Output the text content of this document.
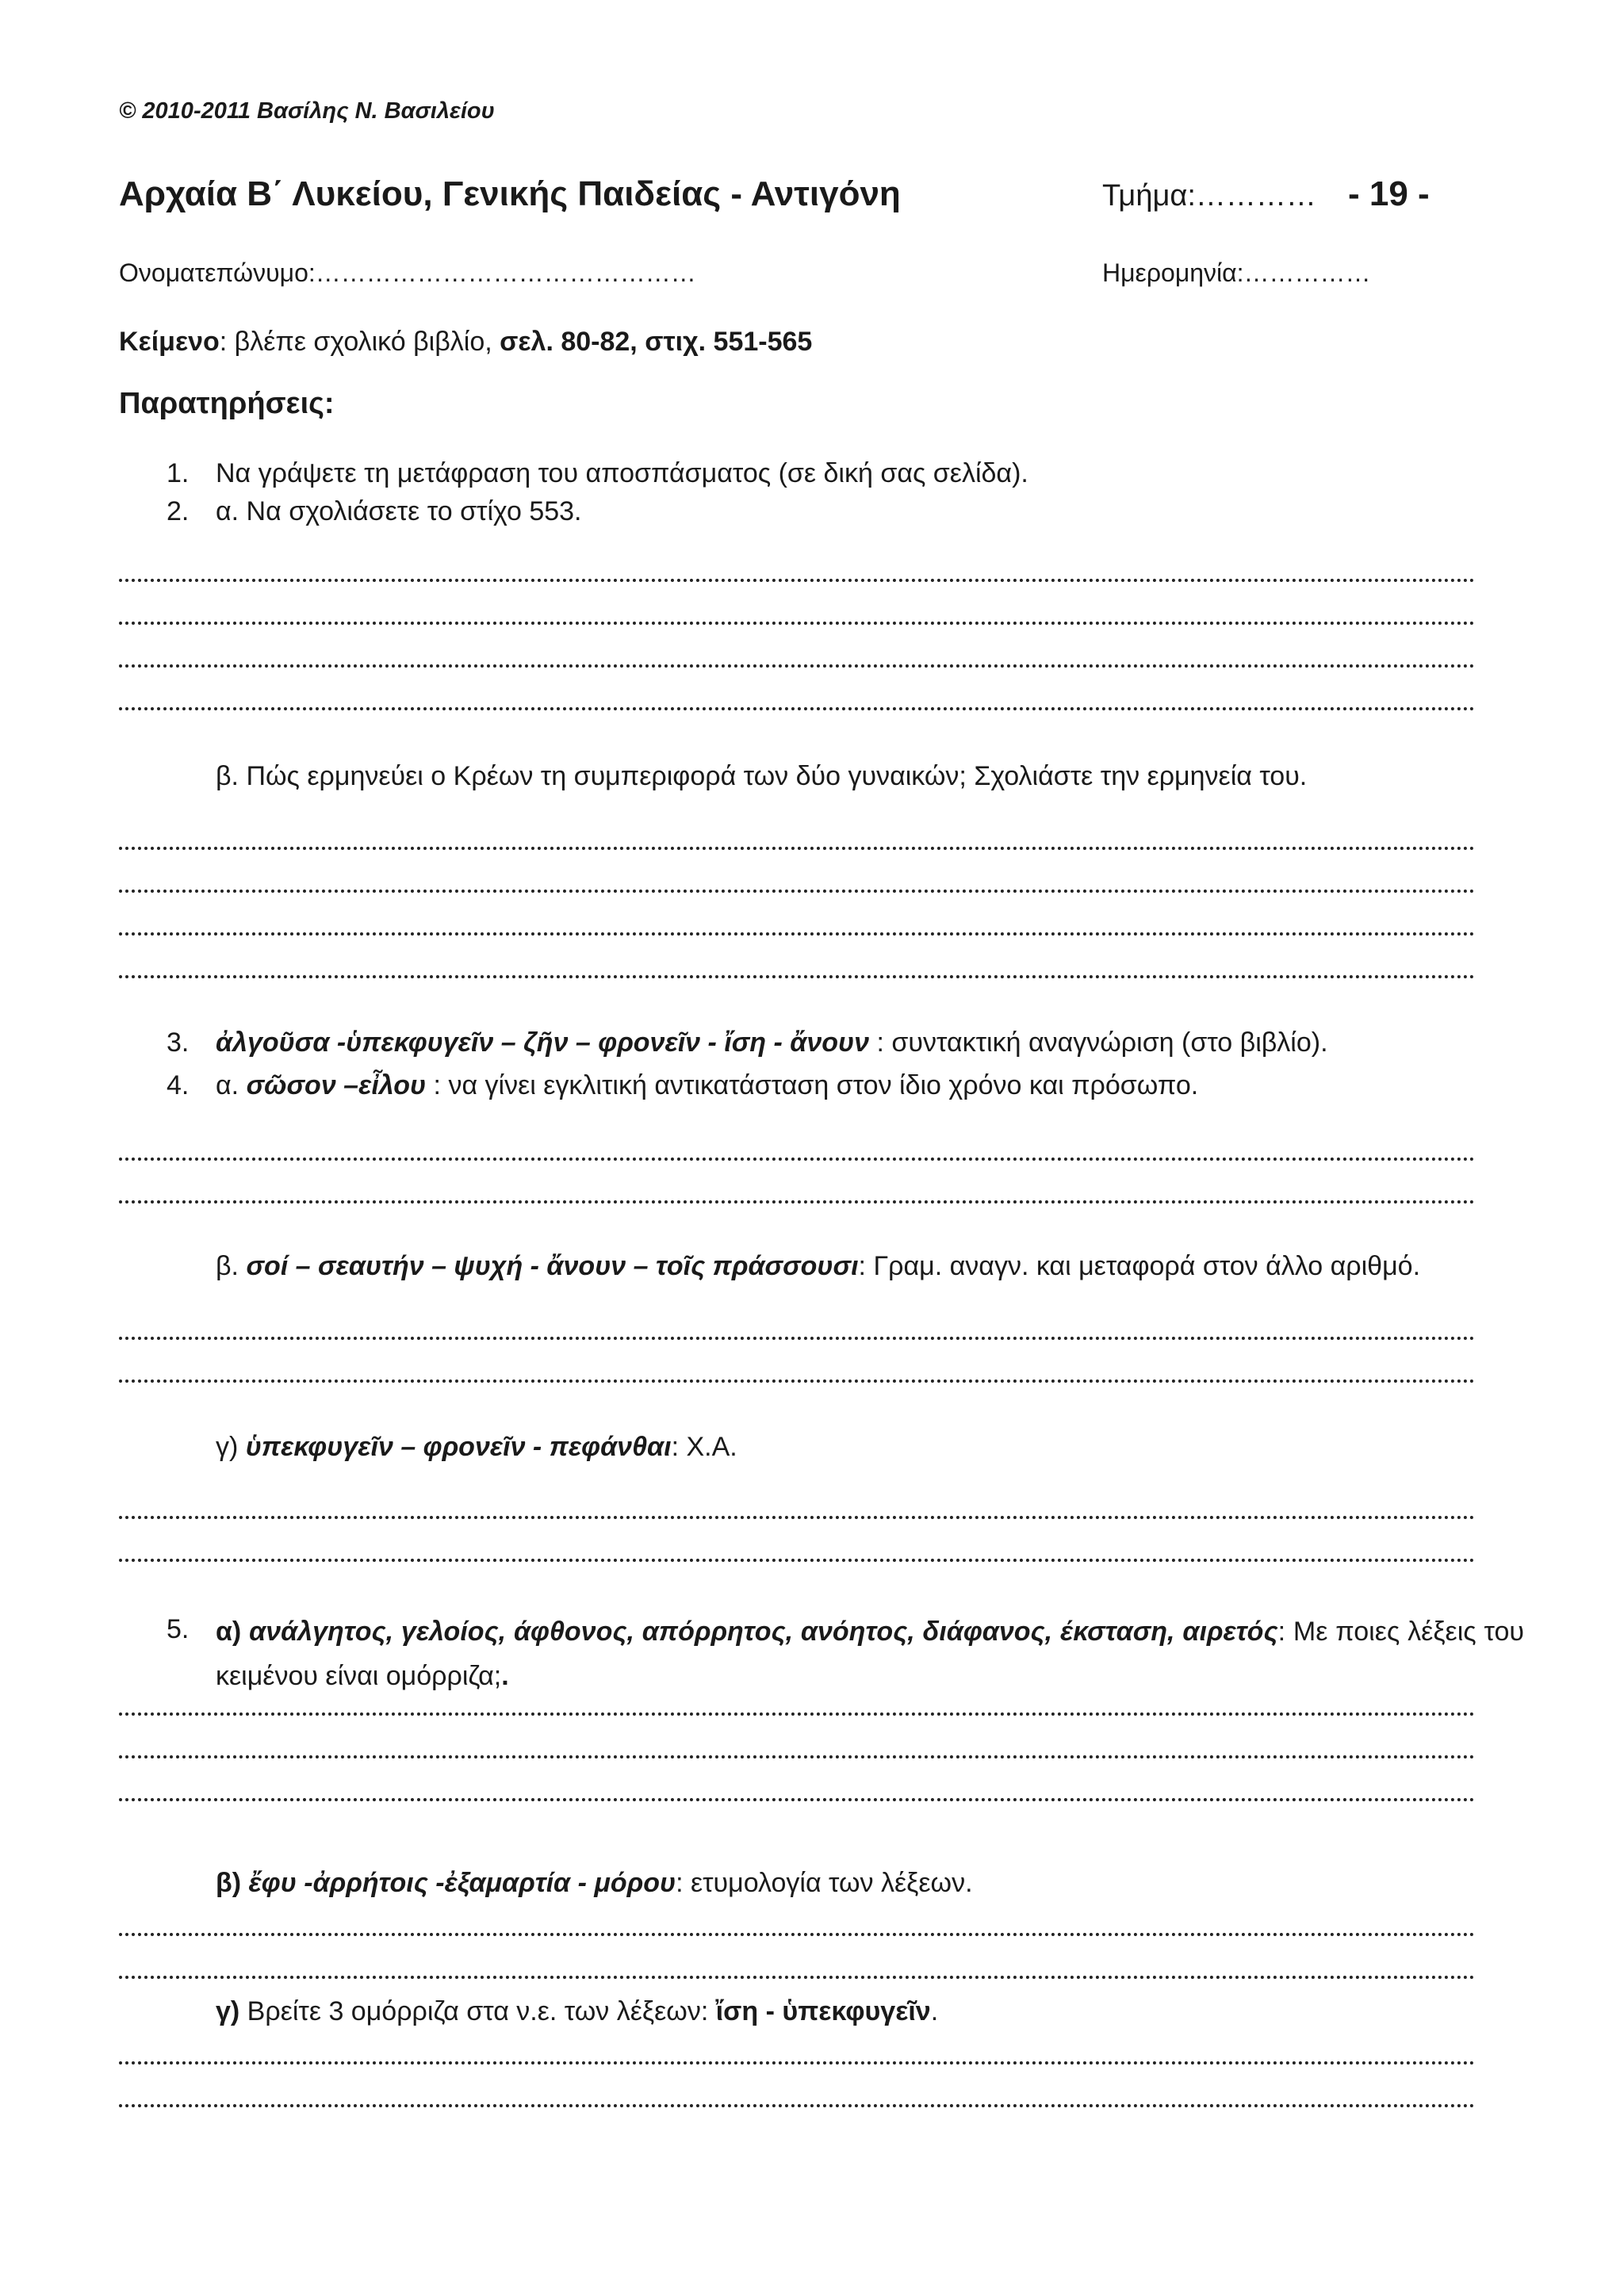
© 2010-2011 Βασίλης Ν. Βασιλείου
Αρχαία Β΄ Λυκείου, Γενικής Παιδείας - Αντιγόνη	Τμήμα:………… - 19 -
Ονοματεπώνυμο:………………………………………	Ημερομηνία:……………
Κείμενο: βλέπε σχολικό βιβλίο, σελ. 80-82, στιχ. 551-565
Παρατηρήσεις:
1. Να γράψετε τη μετάφραση του αποσπάσματος (σε δική σας σελίδα).
2. α. Να σχολιάσετε το στίχο 553.
β. Πώς ερμηνεύει ο Κρέων τη συμπεριφορά των δύο γυναικών; Σχολιάστε την ερμηνεία του.
3. ἀλγοῦσα -ὑπεκφυγεῖν – ζῆν – φρονεῖν - ἴση - ἄνουν : συντακτική αναγνώριση (στο βιβλίο).
4. α. σῶσον –εἶλου : να γίνει εγκλιτική αντικατάσταση στον ίδιο χρόνο και πρόσωπο.
β. σοί – σεαυτήν – ψυχή - ἄνουν – τοῖς πράσσουσι: Γραμ. αναγν. και μεταφορά στον άλλο αριθμό.
γ) ὑπεκφυγεῖν – φρονεῖν - πεφάνθαι: Χ.Α.
5. α) ανάλγητος, γελοίος, άφθονος, απόρρητος, ανόητος, διάφανος, έκσταση, αιρετός: Με ποιες λέξεις του κειμένου είναι ομόρριζα;.
β) ἔφυ -ἀρρήτοις -ἐξαμαρτία - μόρου: ετυμολογία των λέξεων.
γ) Βρείτε 3 ομόρριζα στα ν.ε. των λέξεων: ἴση - ὑπεκφυγεῖν.
